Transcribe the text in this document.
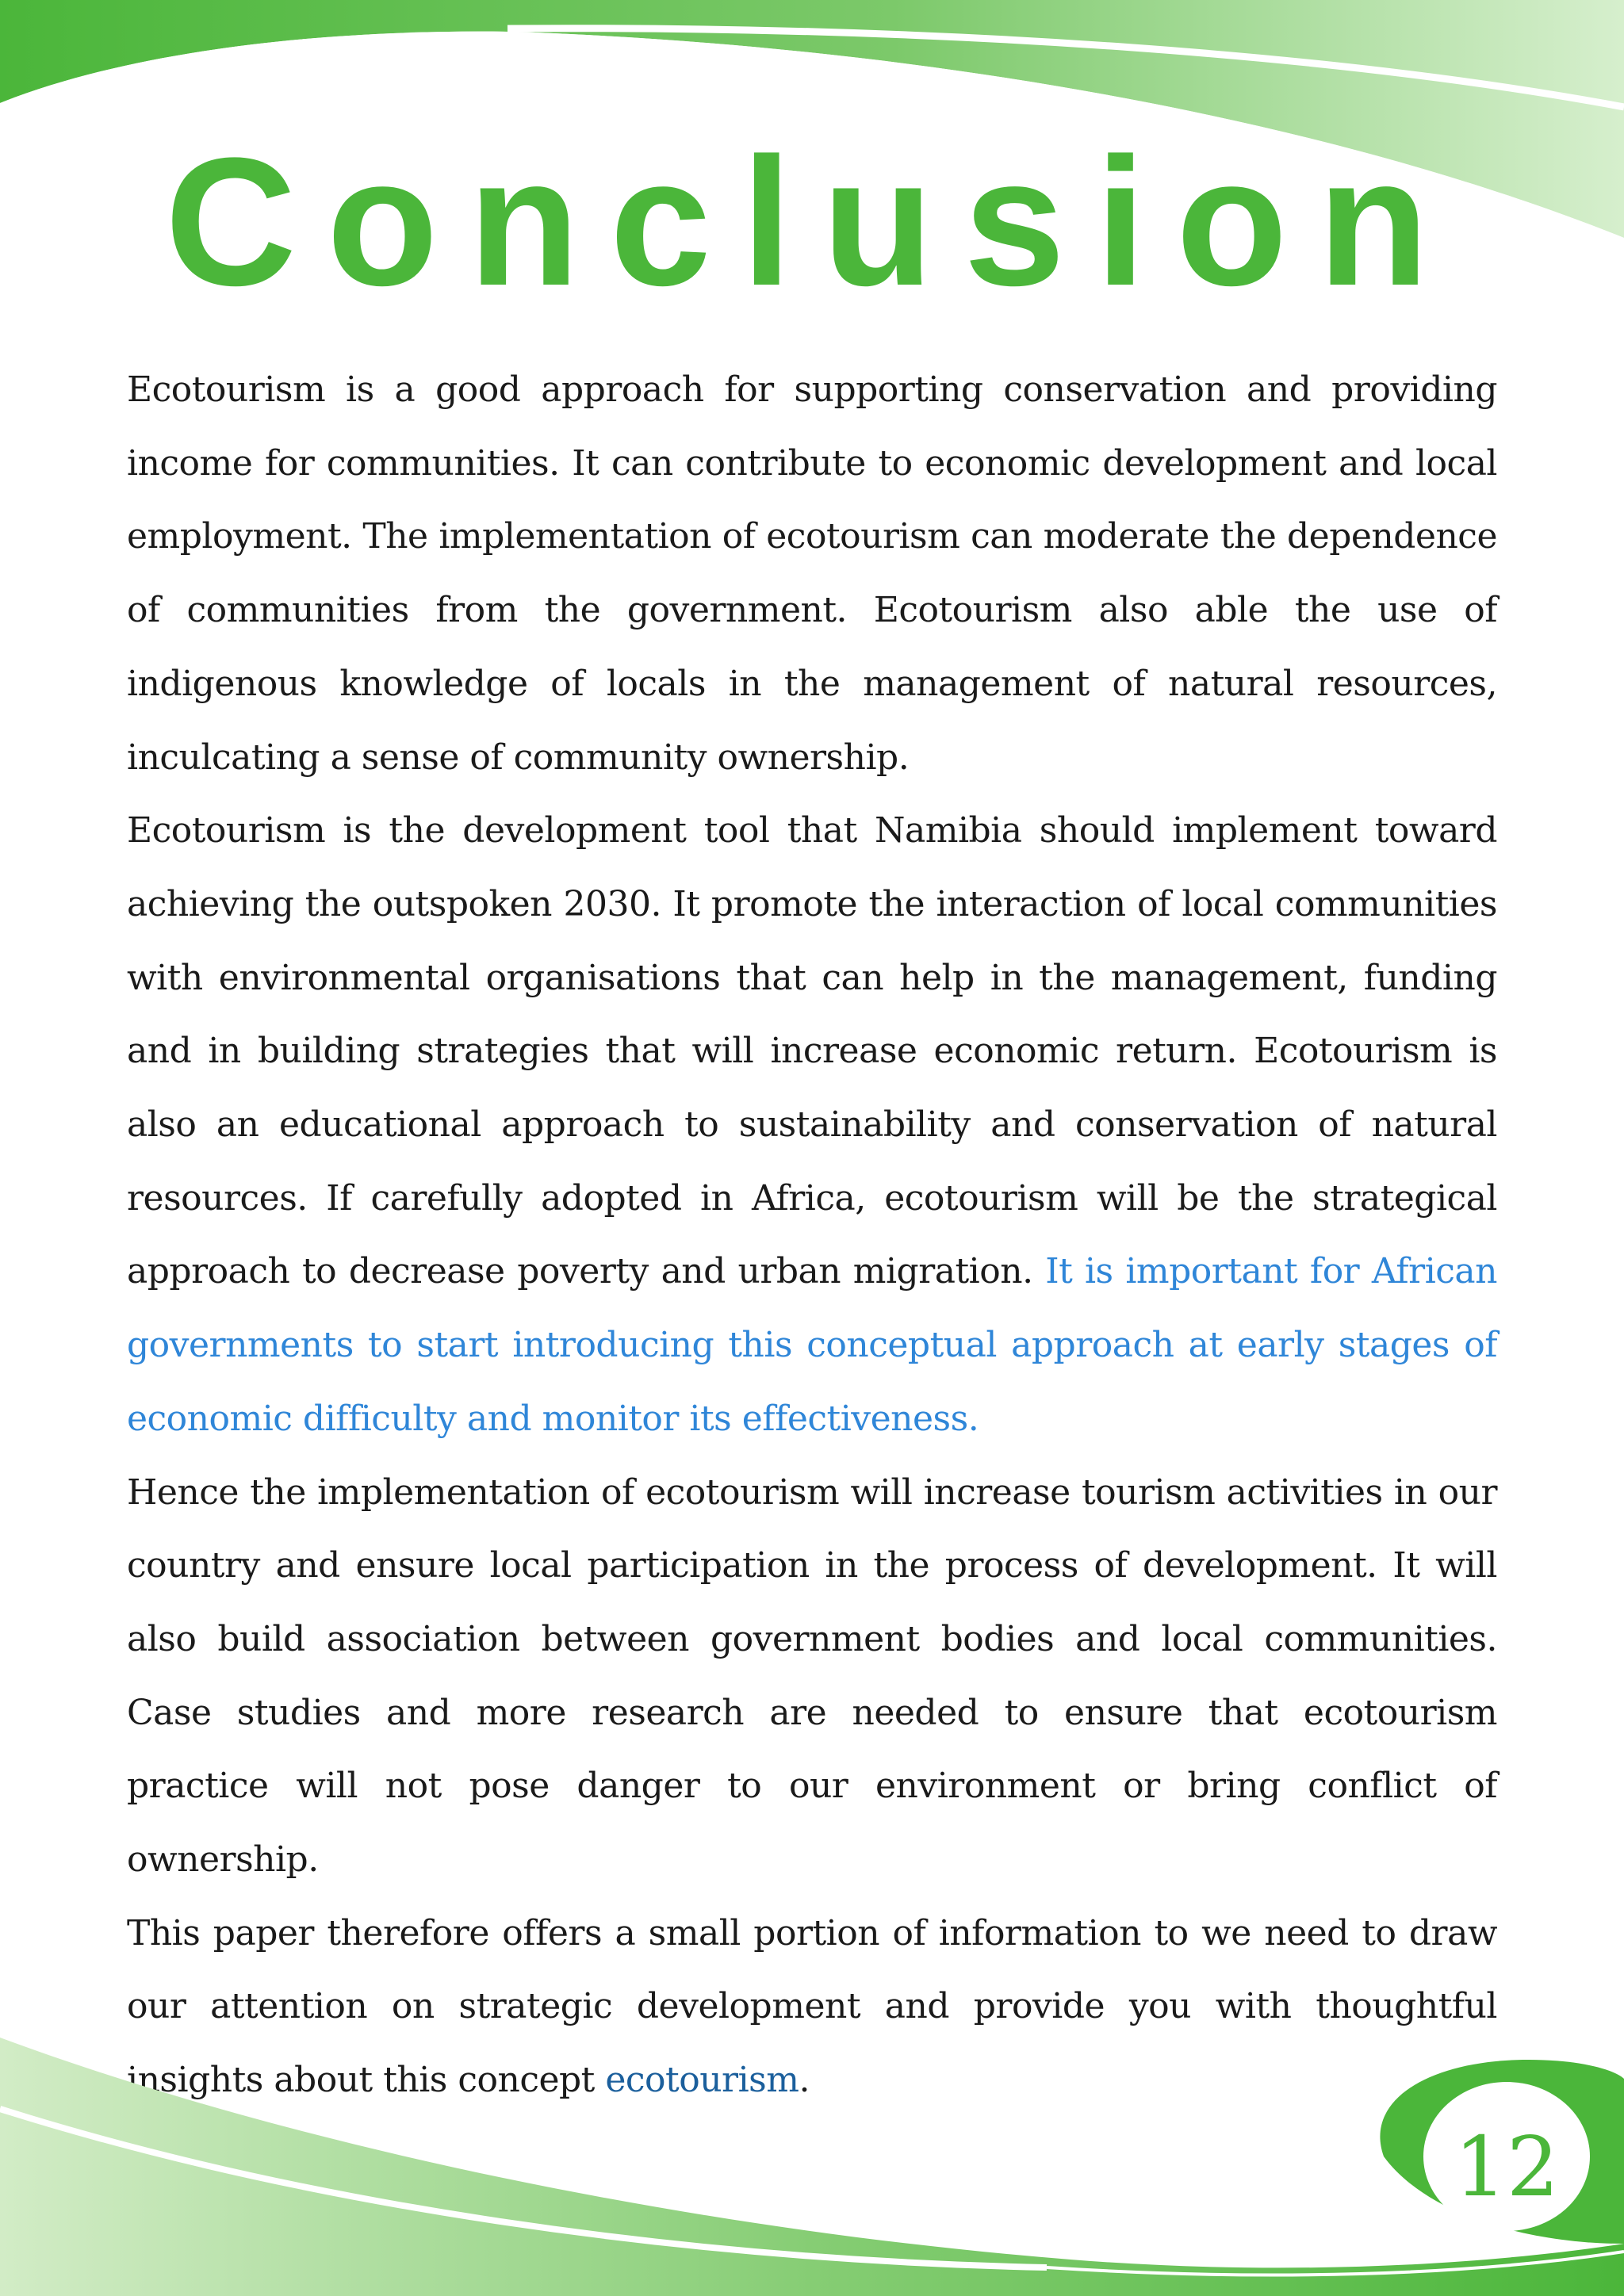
Conclusion

Ecotourism is a good approach for supporting conservation and providing income for communities. It can contribute to economic development and local employment. The implementation of ecotourism can moderate the dependence of communities from the government. Ecotourism also able the use of indigenous knowledge of locals in the management of natural resources, inculcating a sense of community ownership.

Ecotourism is the development tool that Namibia should implement toward achieving the outspoken 2030. It promote the interaction of local communities with environmental organisations that can help in the management, funding and in building strategies that will increase economic return. Ecotourism is also an educational approach to sustainability and conservation of natural resources. If carefully adopted in Africa, ecotourism will be the strategical approach to decrease poverty and urban migration. It is important for African governments to start introducing this conceptual approach at early stages of economic difficulty and monitor its effectiveness.

Hence the implementation of ecotourism will increase tourism activities in our country and ensure local participation in the process of development. It will also build association between government bodies and local communities. Case studies and more research are needed to ensure that ecotourism practice will not pose danger to our environment or bring conflict of ownership.

This paper therefore offers a small portion of information to we need to draw our attention on strategic development and provide you with thoughtful insights about this concept ecotourism.

12
